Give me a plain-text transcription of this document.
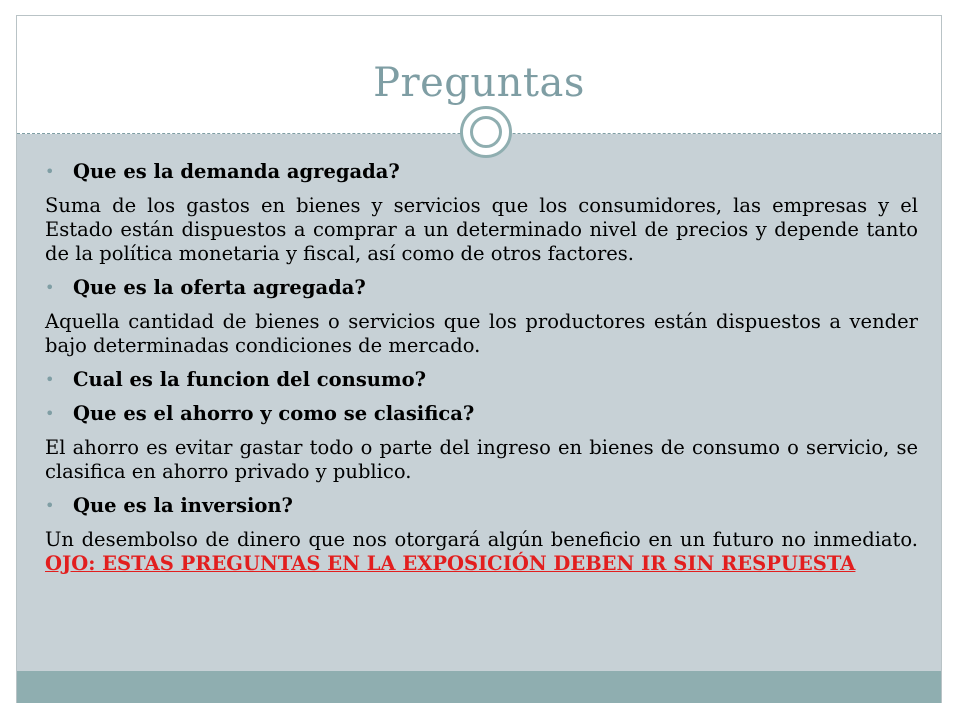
Preguntas
• Que es la demanda agregada?

Suma de los gastos en bienes y servicios que los consumidores, las empresas y el Estado están dispuestos a comprar a un determinado nivel de precios y depende tanto de la política monetaria y fiscal, así como de otros factores.

• Que es la oferta agregada?

Aquella cantidad de bienes o servicios que los productores están dispuestos a vender bajo determinadas condiciones de mercado.

• Cual es la funcion del consumo?
• Que es el ahorro y como se clasifica?

El ahorro es evitar gastar todo o parte del ingreso en bienes de consumo o servicio, se clasifica en ahorro privado y publico.

• Que es la inversion?

Un desembolso de dinero que nos otorgará algún beneficio en un futuro no inmediato. OJO: ESTAS PREGUNTAS EN LA EXPOSICIÓN DEBEN IR SIN RESPUESTA
